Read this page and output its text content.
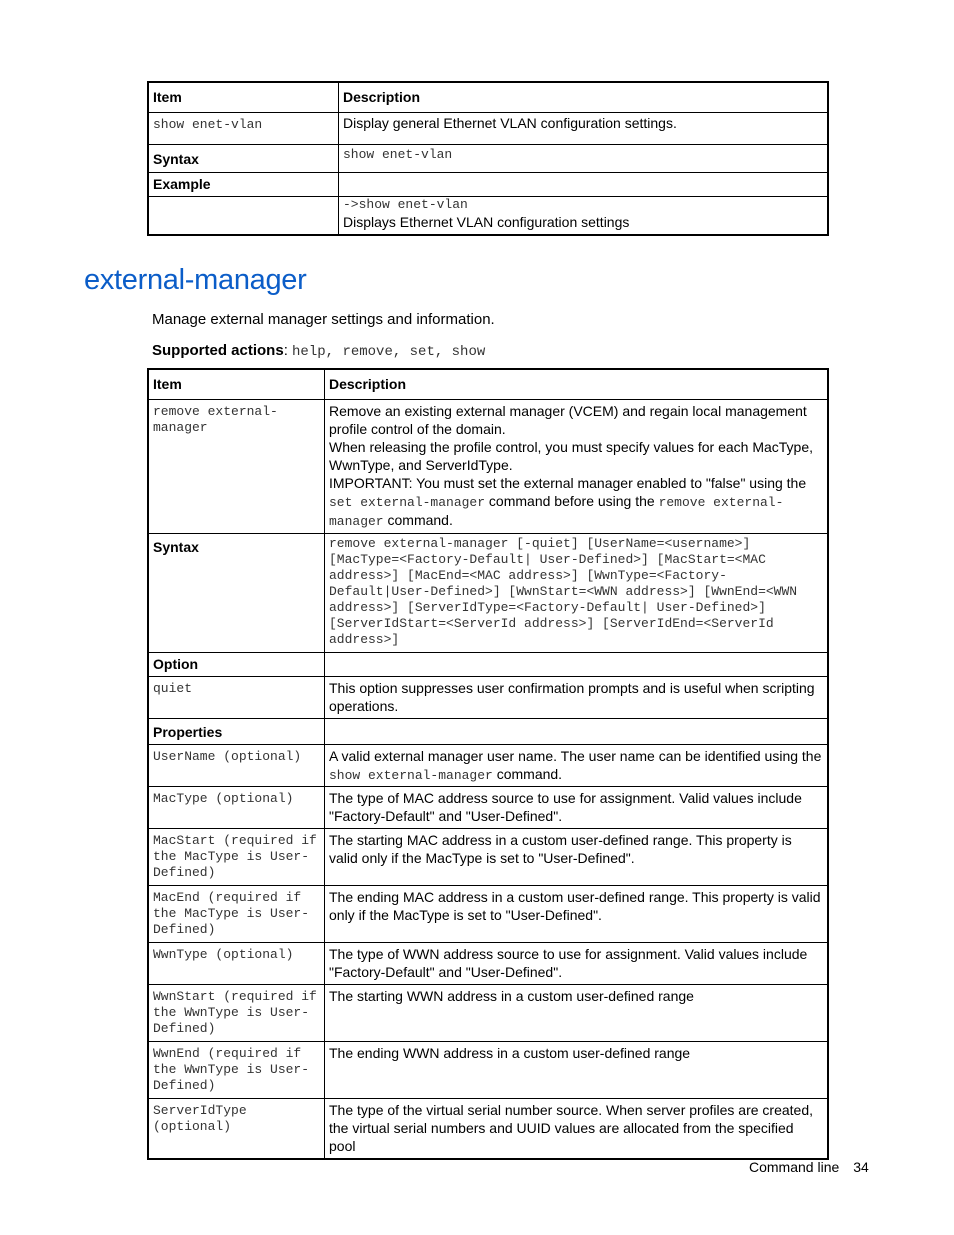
Item	Description
show enet-vlan	Display general Ethernet VLAN configuration settings.
Syntax	show enet-vlan
Example	

	->show enet-vlan
Displays Ethernet VLAN configuration settings
external-manager

Manage external manager settings and information.

Supported actions: help, remove, set, show

Item	Description
remove external-manager	Remove an existing external manager (VCEM) and regain local management profile control of the domain.
When releasing the profile control, you must specify values for each MacType, WwnType, and ServerIdType.
IMPORTANT: You must set the external manager enabled to "false" using the set external-manager command before using the remove external-manager command.

Syntax	remove external-manager [-quiet] [UserName=<username>] [MacType=<Factory-Default| User-Defined>] [MacStart=<MAC address>] [MacEnd=<MAC address>] [WwnType=<Factory-Default|User-Defined>] [WwnStart=<WWN address>] [WwnEnd=<WWN address>] [ServerIdType=<Factory-Default| User-Defined>] [ServerIdStart=<ServerId address>] [ServerIdEnd=<ServerId address>]
Option	
quiet	This option suppresses user confirmation prompts and is useful when scripting operations.
Properties	
UserName (optional)	A valid external manager user name. The user name can be identified using the show external-manager command.
MacType (optional)	The type of MAC address source to use for assignment. Valid values include "Factory-Default" and "User-Defined".
MacStart (required if the MacType is User-Defined)	The starting MAC address in a custom user-defined range. This property is valid only if the MacType is set to "User-Defined".
MacEnd (required if the MacType is User-Defined)	The ending MAC address in a custom user-defined range. This property is valid only if the MacType is set to "User-Defined".
WwnType (optional)	The type of WWN address source to use for assignment. Valid values include "Factory-Default" and "User-Defined".
WwnStart (required if the WwnType is User-Defined)	The starting WWN address in a custom user-defined range
WwnEnd (required if the WwnType is User-Defined)	The ending WWN address in a custom user-defined range
ServerIdType (optional)	The type of the virtual serial number source. When server profiles are created, the virtual serial numbers and UUID values are allocated from the specified pool
Command line 34
